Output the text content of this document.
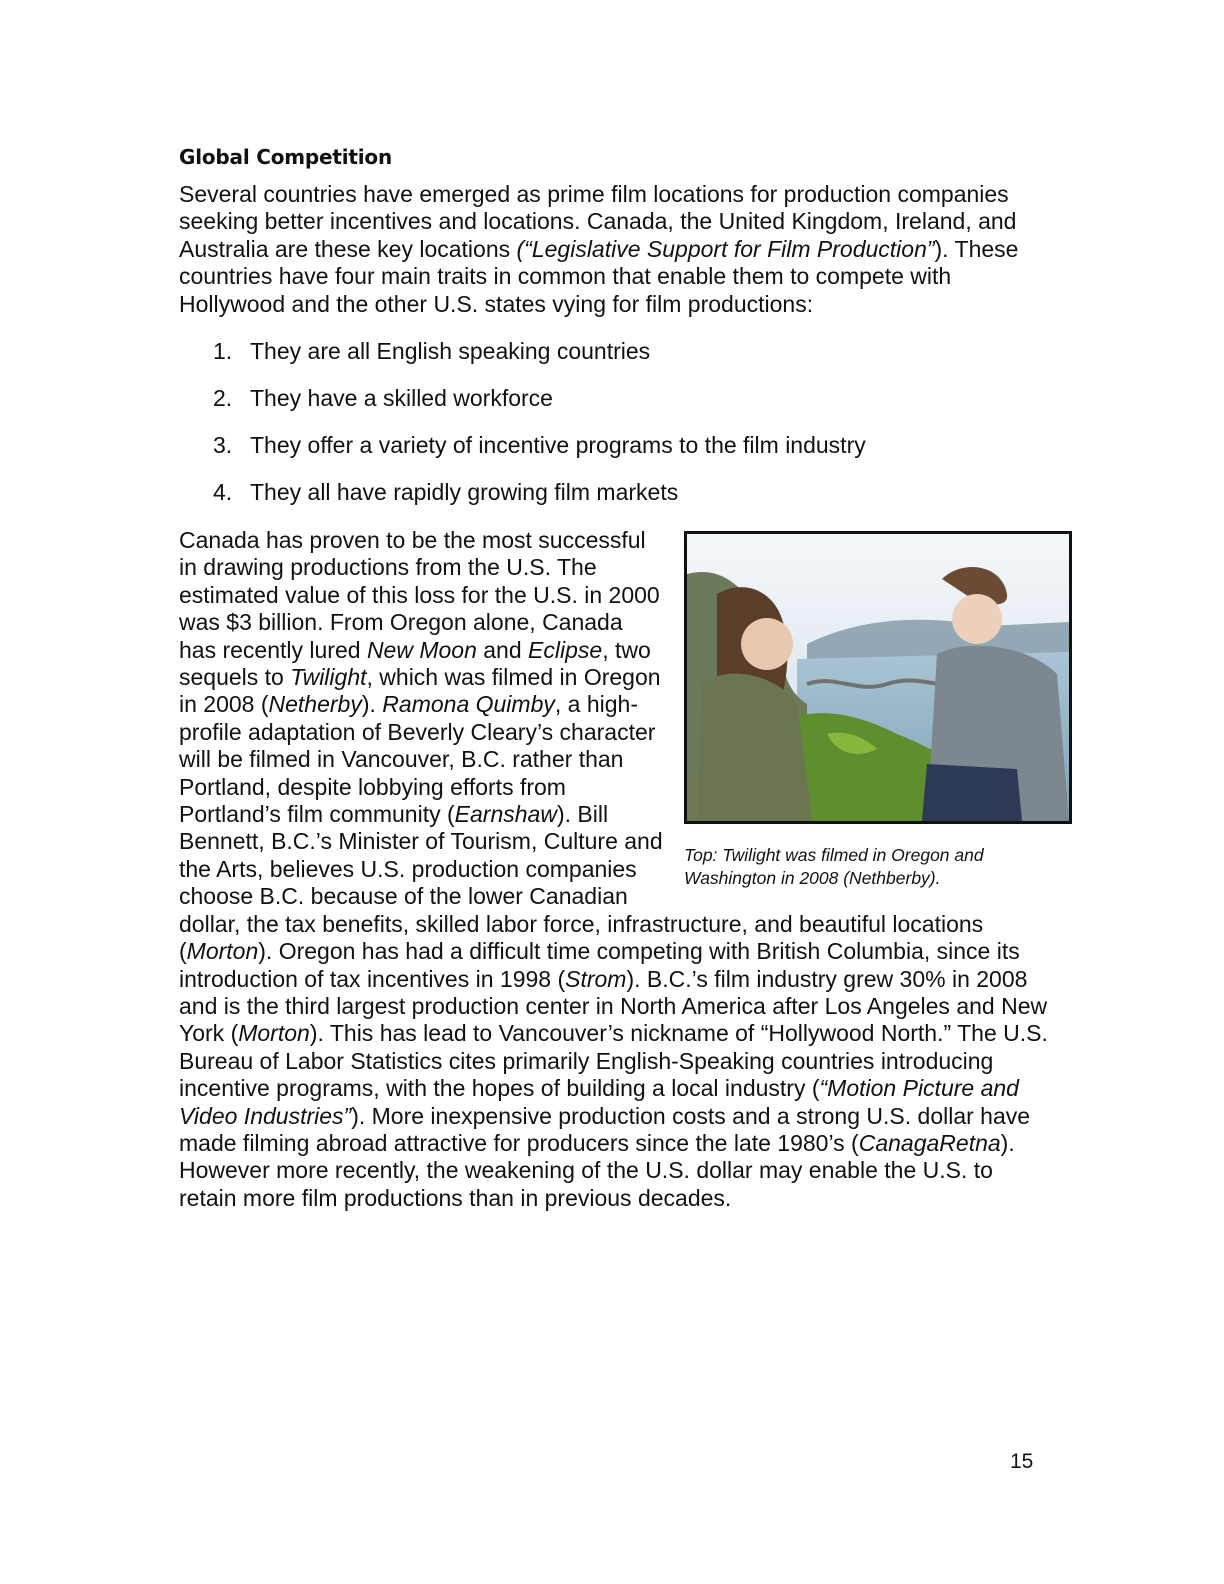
Global Competition

Several countries have emerged as prime film locations for production companies seeking better incentives and locations. Canada, the United Kingdom, Ireland, and Australia are these key locations (“Legislative Support for Film Production”). These countries have four main traits in common that enable them to compete with Hollywood and the other U.S. states vying for film productions:

1. They are all English speaking countries
2. They have a skilled workforce
3. They offer a variety of incentive programs to the film industry
4. They all have rapidly growing film markets

Top: Twilight was filmed in Oregon and Washington in 2008 (Nethberby).

Canada has proven to be the most successful in drawing productions from the U.S. The estimated value of this loss for the U.S. in 2000 was $3 billion. From Oregon alone, Canada has recently lured New Moon and Eclipse, two sequels to Twilight, which was filmed in Oregon in 2008 (Netherby). Ramona Quimby, a high-profile adaptation of Beverly Cleary’s character will be filmed in Vancouver, B.C. rather than Portland, despite lobbying efforts from Portland’s film community (Earnshaw). Bill Bennett, B.C.’s Minister of Tourism, Culture and the Arts, believes U.S. production companies choose B.C. because of the lower Canadian dollar, the tax benefits, skilled labor force, infrastructure, and beautiful locations (Morton). Oregon has had a difficult time competing with British Columbia, since its introduction of tax incentives in 1998 (Strom). B.C.’s film industry grew 30% in 2008 and is the third largest production center in North America after Los Angeles and New York (Morton). This has lead to Vancouver’s nickname of “Hollywood North.” The U.S. Bureau of Labor Statistics cites primarily English-Speaking countries introducing incentive programs, with the hopes of building a local industry (“Motion Picture and Video Industries”). More inexpensive production costs and a strong U.S. dollar have made filming abroad attractive for producers since the late 1980’s (CanagaRetna). However more recently, the weakening of the U.S. dollar may enable the U.S. to retain more film productions than in previous decades.
15
